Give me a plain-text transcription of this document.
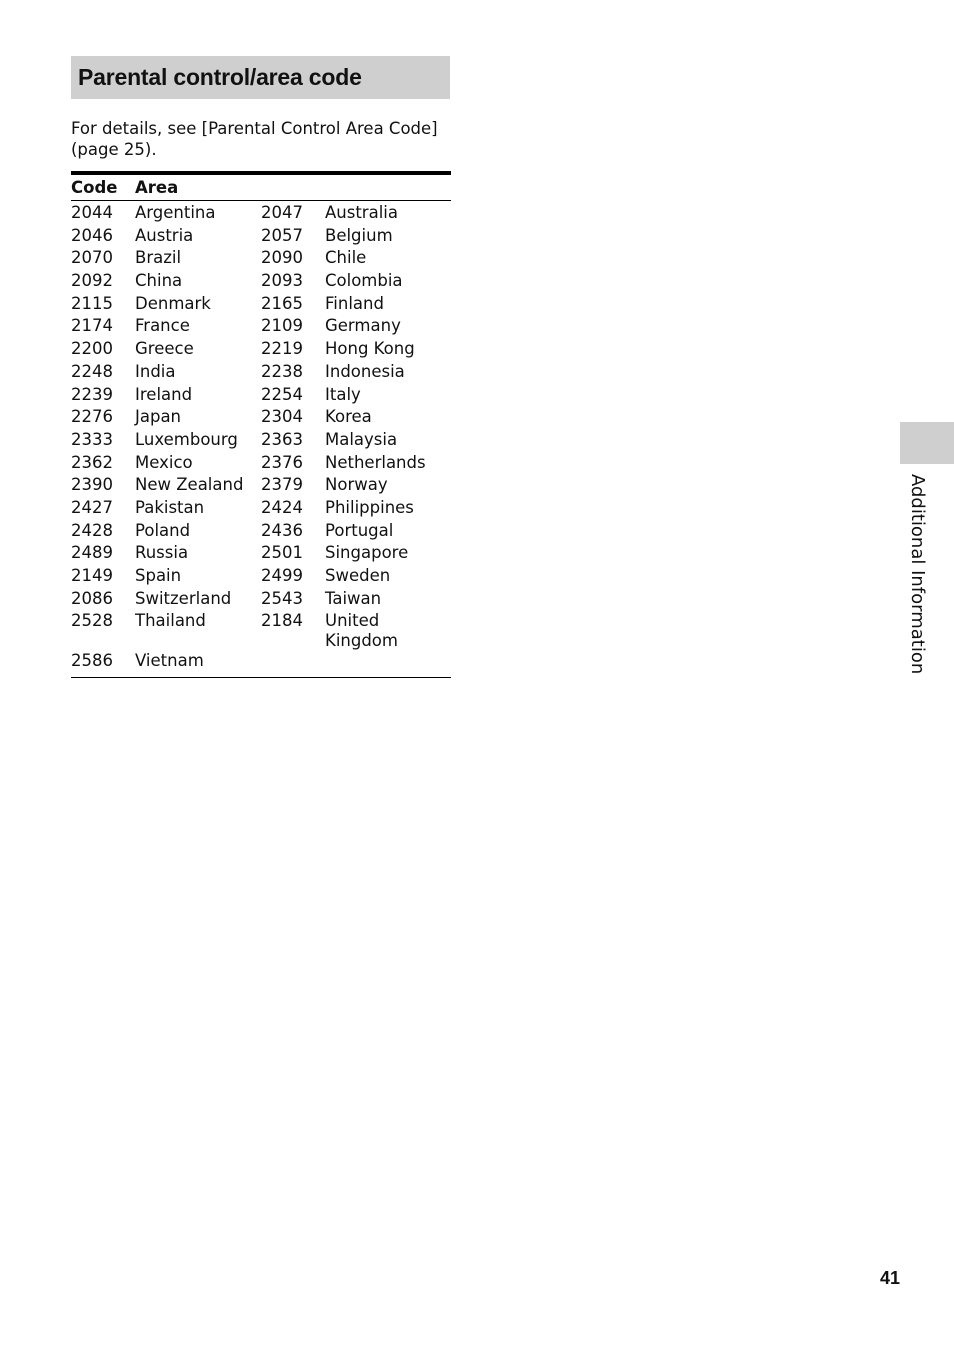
Parental control/area code
For details, see [Parental Control Area Code] (page 25).
Code	Area		
2044	Argentina	2047	Australia
2046	Austria	2057	Belgium
2070	Brazil	2090	Chile
2092	China	2093	Colombia
2115	Denmark	2165	Finland
2174	France	2109	Germany
2200	Greece	2219	Hong Kong
2248	India	2238	Indonesia
2239	Ireland	2254	Italy
2276	Japan	2304	Korea
2333	Luxembourg	2363	Malaysia
2362	Mexico	2376	Netherlands
2390	New Zealand	2379	Norway
2427	Pakistan	2424	Philippines
2428	Poland	2436	Portugal
2489	Russia	2501	Singapore
2149	Spain	2499	Sweden
2086	Switzerland	2543	Taiwan
2528	Thailand	2184	United Kingdom
2586	Vietnam			Additional Information
41
